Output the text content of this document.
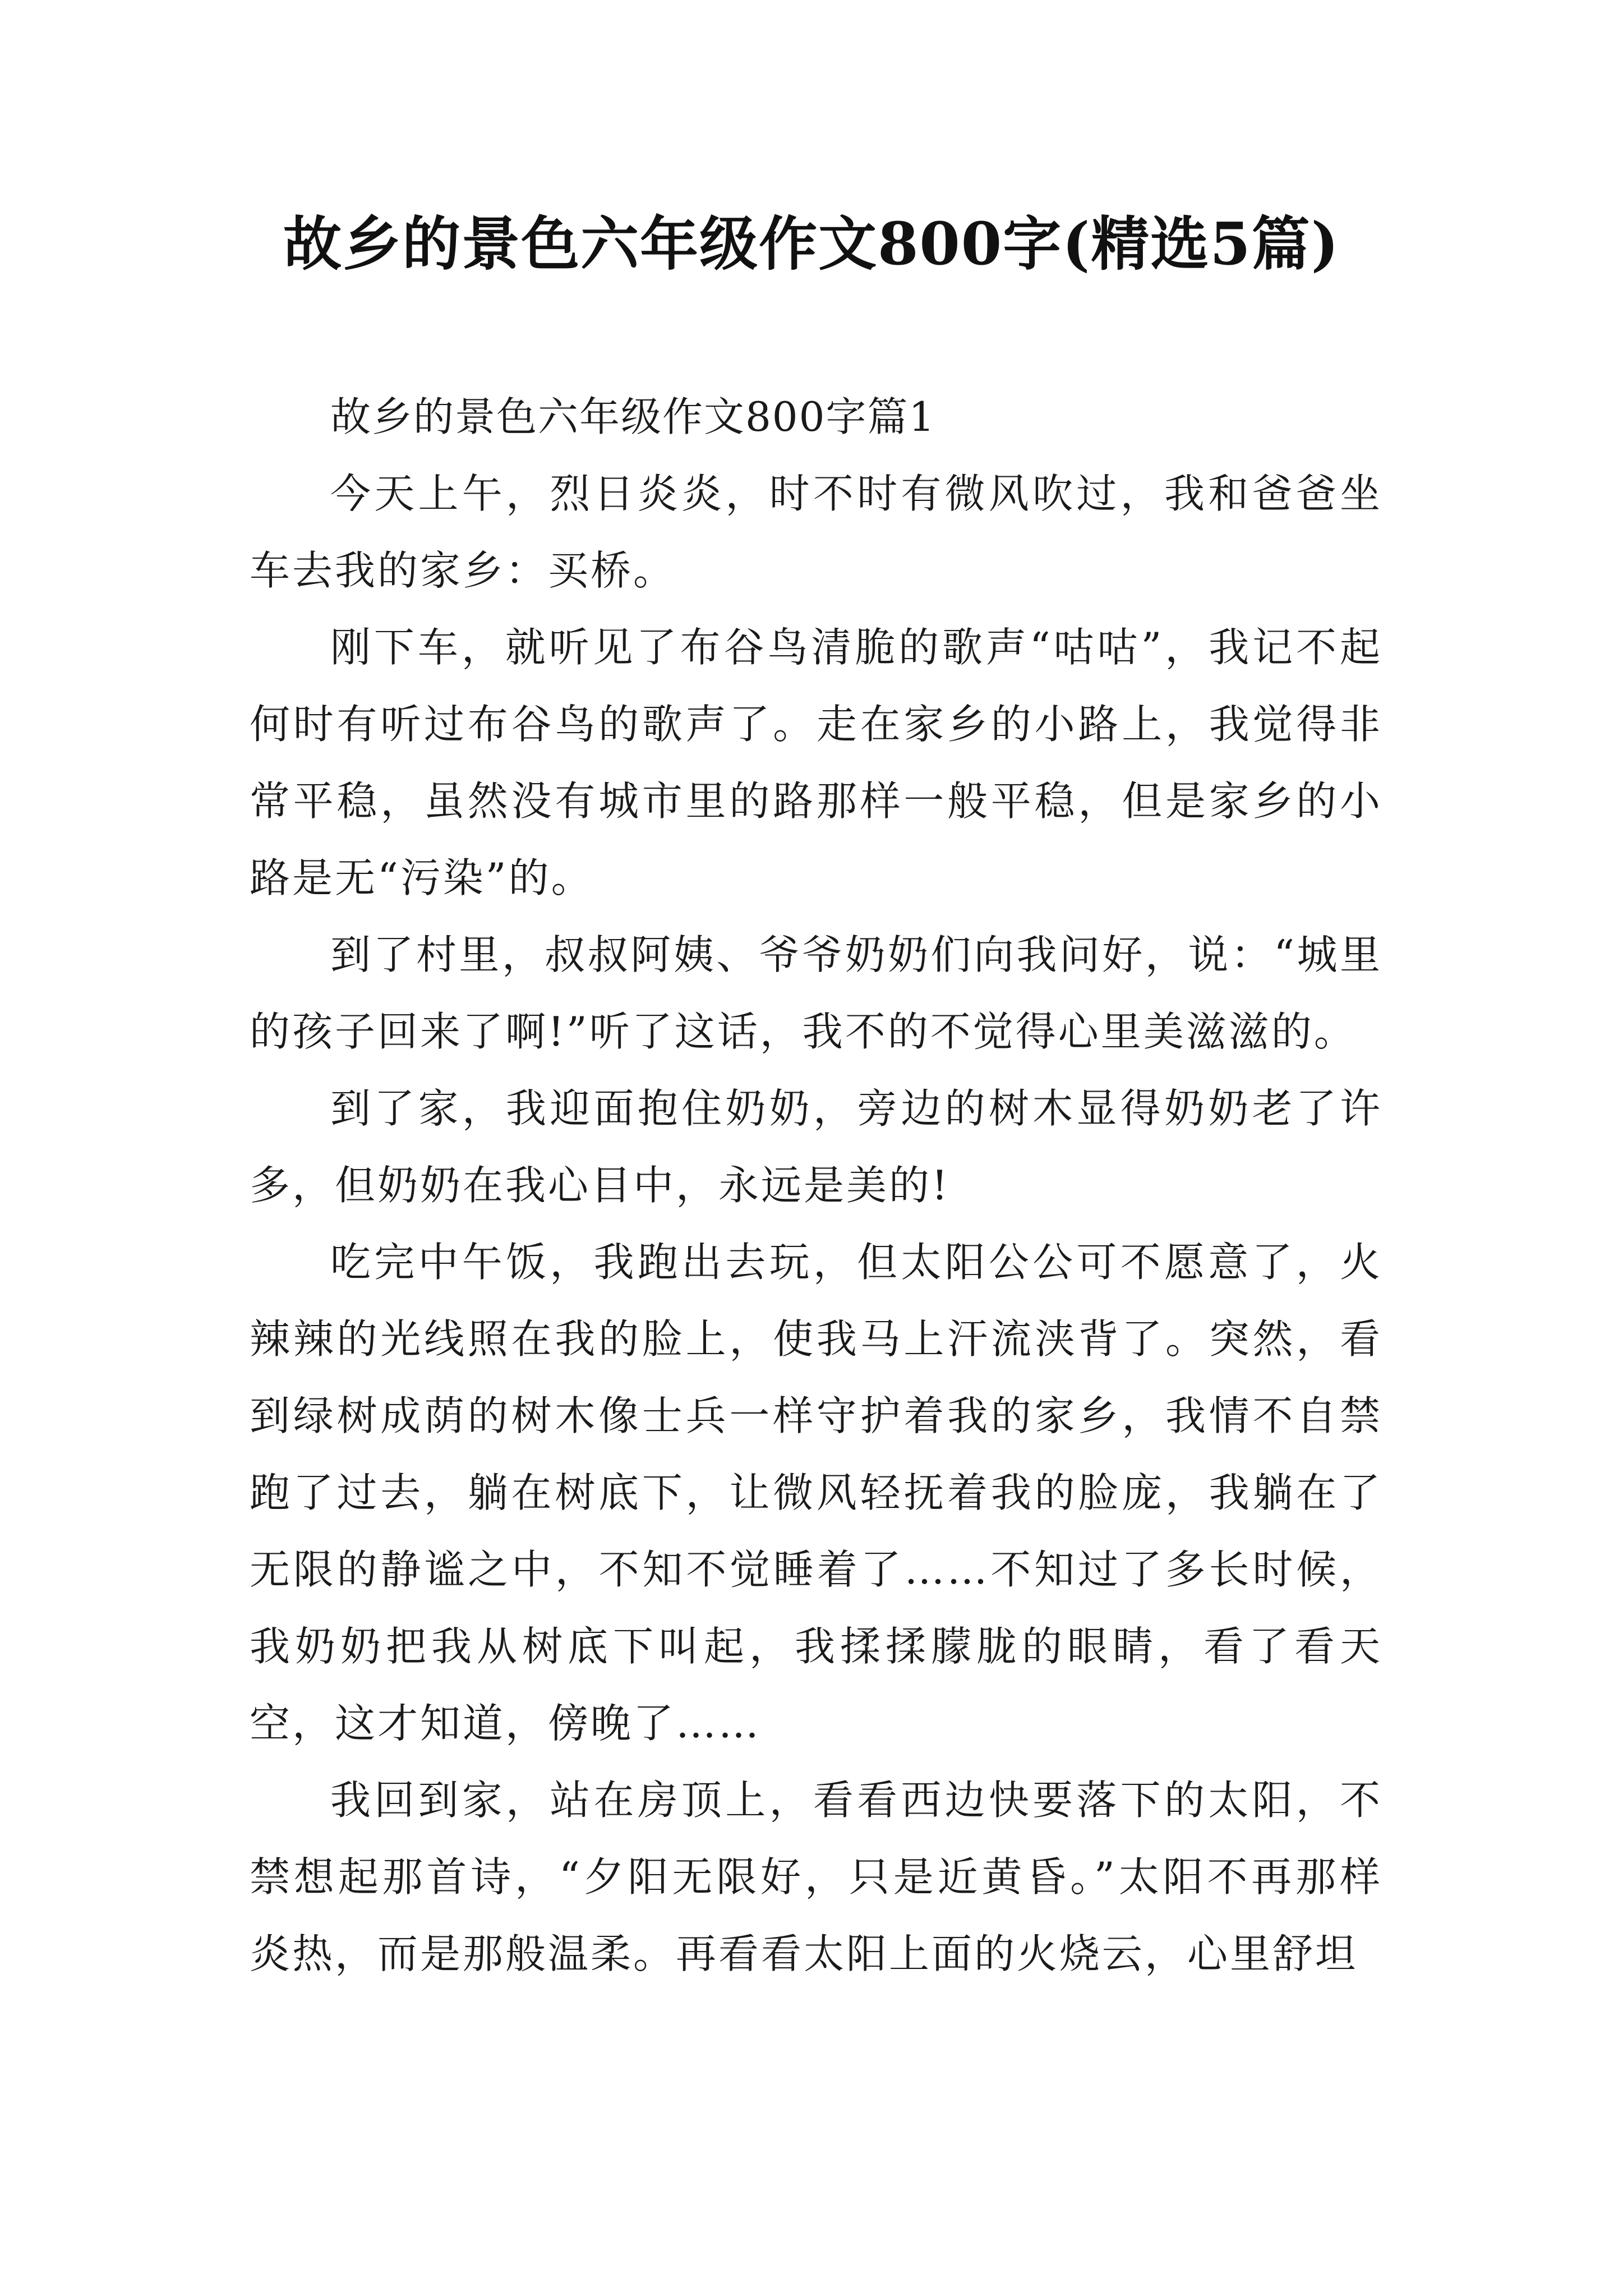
故乡的景色六年级作文800字(精选5篇)

故乡的景色六年级作文800字篇1

今天上午，烈日炎炎，时不时有微风吹过，我和爸爸坐车去我的家乡：买桥。

刚下车，就听见了布谷鸟清脆的歌声“咕咕”，我记不起何时有听过布谷鸟的歌声了。走在家乡的小路上，我觉得非常平稳，虽然没有城市里的路那样一般平稳，但是家乡的小路是无“污染”的。

到了村里，叔叔阿姨、爷爷奶奶们向我问好，说：“城里的孩子回来了啊!”听了这话，我不的不觉得心里美滋滋的。

到了家，我迎面抱住奶奶，旁边的树木显得奶奶老了许多，但奶奶在我心目中，永远是美的!

吃完中午饭，我跑出去玩，但太阳公公可不愿意了，火辣辣的光线照在我的脸上，使我马上汗流浃背了。突然，看到绿树成荫的树木像士兵一样守护着我的家乡，我情不自禁跑了过去，躺在树底下，让微风轻抚着我的脸庞，我躺在了无限的静谧之中，不知不觉睡着了……不知过了多长时候，我奶奶把我从树底下叫起，我揉揉朦胧的眼睛，看了看天空，这才知道，傍晚了……

我回到家，站在房顶上，看看西边快要落下的太阳，不禁想起那首诗，“夕阳无限好，只是近黄昏。”太阳不再那样炎热，而是那般温柔。再看看太阳上面的火烧云，心里舒坦
